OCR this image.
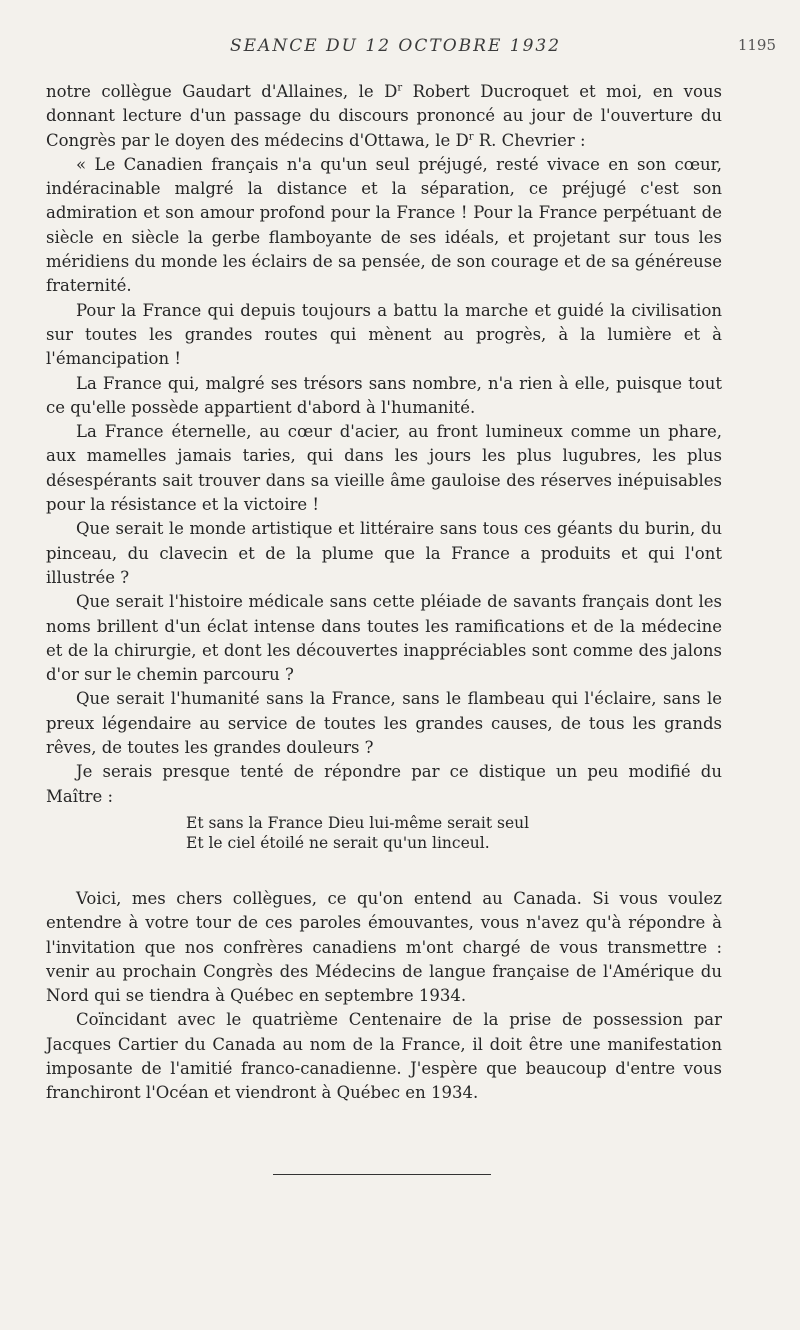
SEANCE DU 12 OCTOBRE 1932	1195

notre collègue Gaudart d'Allaines, le $D^r$ Robert Ducroquet et moi, en vous donnant lecture d'un passage du discours prononcé au jour de l'ouverture du Congrès par le doyen des médecins d'Ottawa, le $D^r$ R. Chevrier :

« Le Canadien français n'a qu'un seul préjugé, resté vivace en son cœur, indéracinable malgré la distance et la séparation, ce préjugé c'est son admiration et son amour profond pour la France ! Pour la France perpétuant de siècle en siècle la gerbe flamboyante de ses idéals, et projetant sur tous les méridiens du monde les éclairs de sa pensée, de son courage et de sa généreuse fraternité.

Pour la France qui depuis toujours a battu la marche et guidé la civilisation sur toutes les grandes routes qui mènent au progrès, à la lumière et à l'émancipation !

La France qui, malgré ses trésors sans nombre, n'a rien à elle, puisque tout ce qu'elle possède appartient d'abord à l'humanité.

La France éternelle, au cœur d'acier, au front lumineux comme un phare, aux mamelles jamais taries, qui dans les jours les plus lugubres, les plus désespérants sait trouver dans sa vieille âme gauloise des réserves inépuisables pour la résistance et la victoire !

Que serait le monde artistique et littéraire sans tous ces géants du burin, du pinceau, du clavecin et de la plume que la France a produits et qui l'ont illustrée ?

Que serait l'histoire médicale sans cette pléiade de savants français dont les noms brillent d'un éclat intense dans toutes les ramifications et de la médecine et de la chirurgie, et dont les découvertes inappréciables sont comme des jalons d'or sur le chemin parcouru ?

Que serait l'humanité sans la France, sans le flambeau qui l'éclaire, sans le preux légendaire au service de toutes les grandes causes, de tous les grands rêves, de toutes les grandes douleurs ?

Je serais presque tenté de répondre par ce distique un peu modifié du Maître :

Et sans la France Dieu lui-même serait seul
Et le ciel étoilé ne serait qu'un linceul.

Voici, mes chers collègues, ce qu'on entend au Canada. Si vous voulez entendre à votre tour de ces paroles émouvantes, vous n'avez qu'à répondre à l'invitation que nos confrères canadiens m'ont chargé de vous transmettre : venir au prochain Congrès des Médecins de langue française de l'Amérique du Nord qui se tiendra à Québec en septembre 1934.

Coïncidant avec le quatrième Centenaire de la prise de possession par Jacques Cartier du Canada au nom de la France, il doit être une manifestation imposante de l'amitié franco-canadienne. J'espère que beaucoup d'entre vous franchiront l'Océan et viendront à Québec en 1934.
